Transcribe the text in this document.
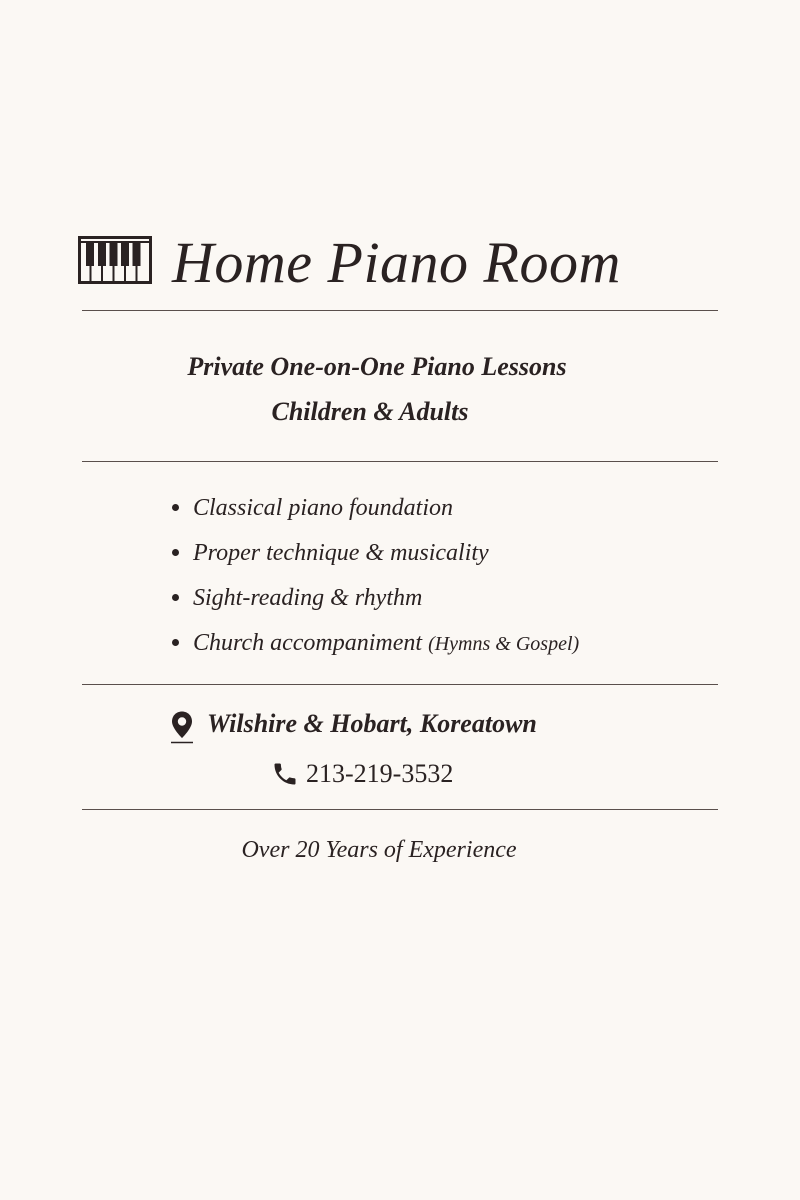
Home Piano Room
Private One-on-One Piano Lessons
Children & Adults
Classical piano foundation
Proper technique & musicality
Sight-reading & rhythm
Church accompaniment (Hymns & Gospel)
Wilshire & Hobart, Koreatown
213-219-3532
Over 20 Years of Experience
